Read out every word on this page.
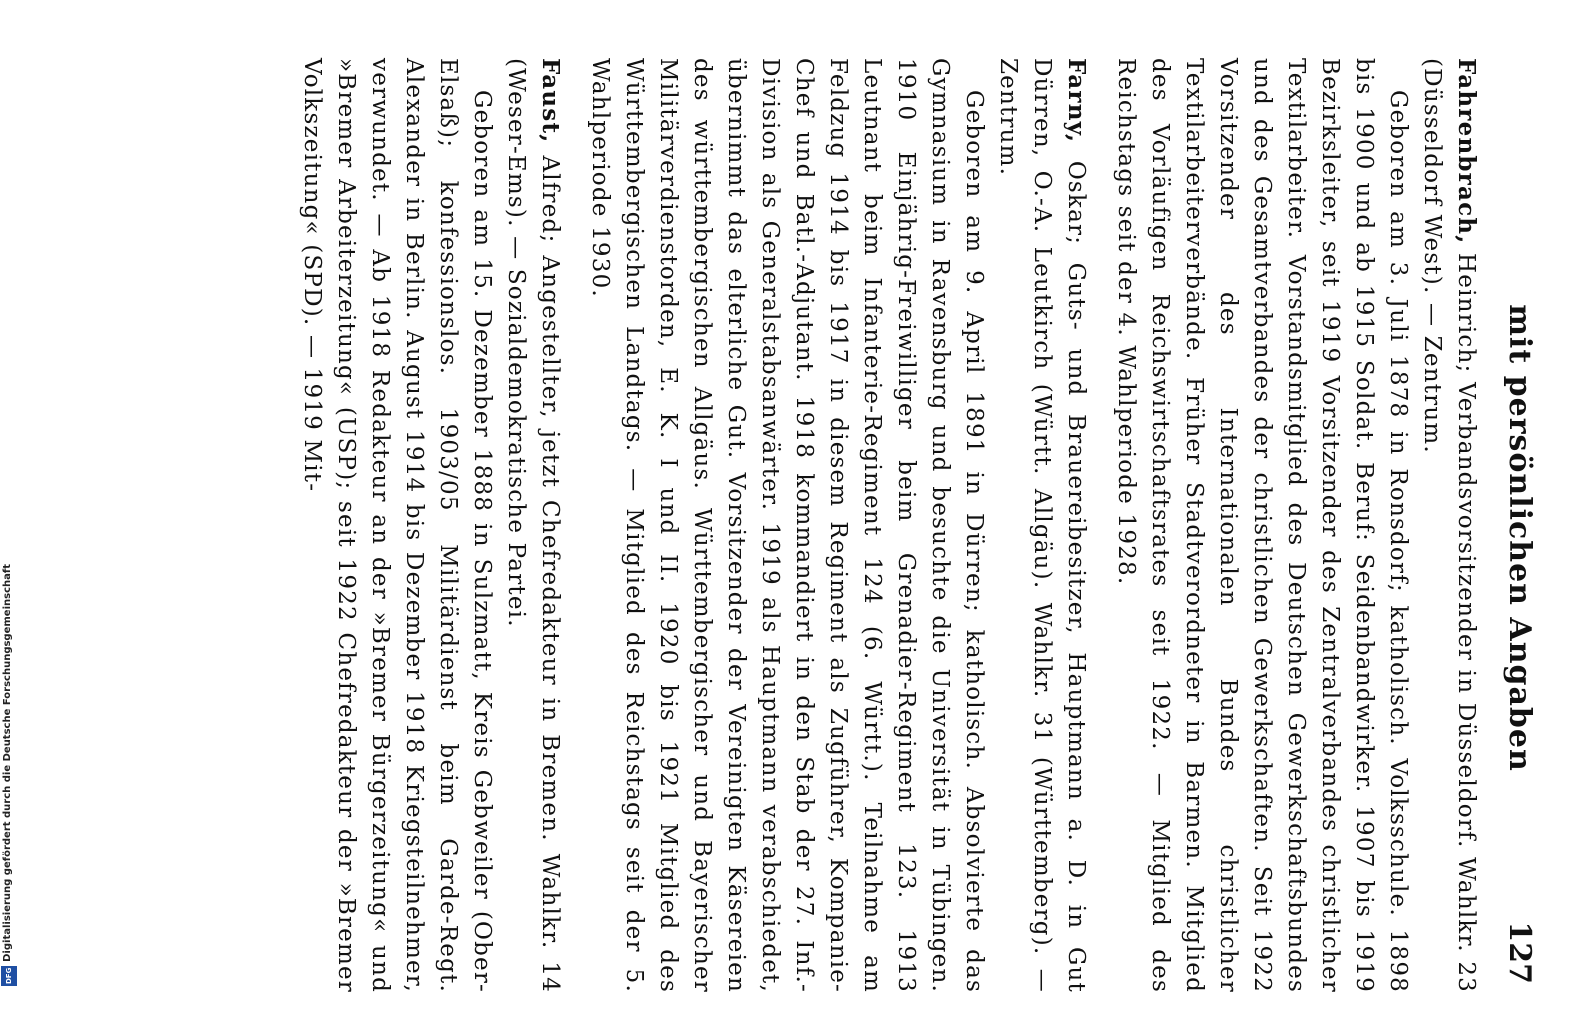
mit persönlichen Angaben
127

Fahrenbrach, Heinrich; Verbandsvorsitzender in Düsseldorf. Wahlkr. 23 (Düsseldorf West). — Zentrum.

Geboren am 3. Juli 1878 in Ronsdorf; katholisch. Volksschule. 1898 bis 1900 und ab 1915 Soldat. Beruf: Seidenbandwirker. 1907 bis 1919 Bezirksleiter, seit 1919 Vorsitzender des Zentralverbandes christlicher Textilarbeiter. Vorstandsmitglied des Deutschen Gewerkschaftsbundes und des Gesamtverbandes der christlichen Gewerkschaften. Seit 1922 Vorsitzender des Internationalen Bundes christlicher Textilarbeiterverbände. Früher Stadtverordneter in Barmen. Mitglied des Vorläufigen Reichswirtschaftsrates seit 1922. — Mitglied des Reichstags seit der 4. Wahlperiode 1928.

Farny, Oskar; Guts- und Brauereibesitzer, Hauptmann a. D. in Gut Dürren, O.-A. Leutkirch (Württ. Allgäu). Wahlkr. 31 (Württemberg). — Zentrum.

Geboren am 9. April 1891 in Dürren; katholisch. Absolvierte das Gymnasium in Ravensburg und besuchte die Universität in Tübingen. 1910 Einjährig-Freiwilliger beim Grenadier-Regiment 123. 1913 Leutnant beim Infanterie-Regiment 124 (6. Württ.). Teilnahme am Feldzug 1914 bis 1917 in diesem Regiment als Zugführer, Kompanie-Chef und Batl.-Adjutant. 1918 kommandiert in den Stab der 27. Inf.-Division als Generalstabsanwärter. 1919 als Hauptmann verabschiedet, übernimmt das elterliche Gut. Vorsitzender der Vereinigten Käsereien des württembergischen Allgäus. Württembergischer und Bayerischer Militärverdienstorden, E. K. I und II. 1920 bis 1921 Mitglied des Württembergischen Landtags. — Mitglied des Reichstags seit der 5. Wahlperiode 1930.

Faust, Alfred; Angestellter, jetzt Chefredakteur in Bremen. Wahlkr. 14 (Weser-Ems). — Sozialdemokratische Partei.

Geboren am 15. Dezember 1888 in Sulzmatt, Kreis Gebweiler (Ober-Elsaß); konfessionslos. 1903/05 Militärdienst beim Garde-Regt. Alexander in Berlin. August 1914 bis Dezember 1918 Kriegsteilnehmer, verwundet. — Ab 1918 Redakteur an der »Bremer Bürgerzeitung« und »Bremer Arbeiterzeitung« (USP); seit 1922 Chefredakteur der »Bremer Volkszeitung« (SPD). — 1919 Mit-

Digitalisierung gefördert durch die Deutsche Forschungsgemeinschaft
DFG
